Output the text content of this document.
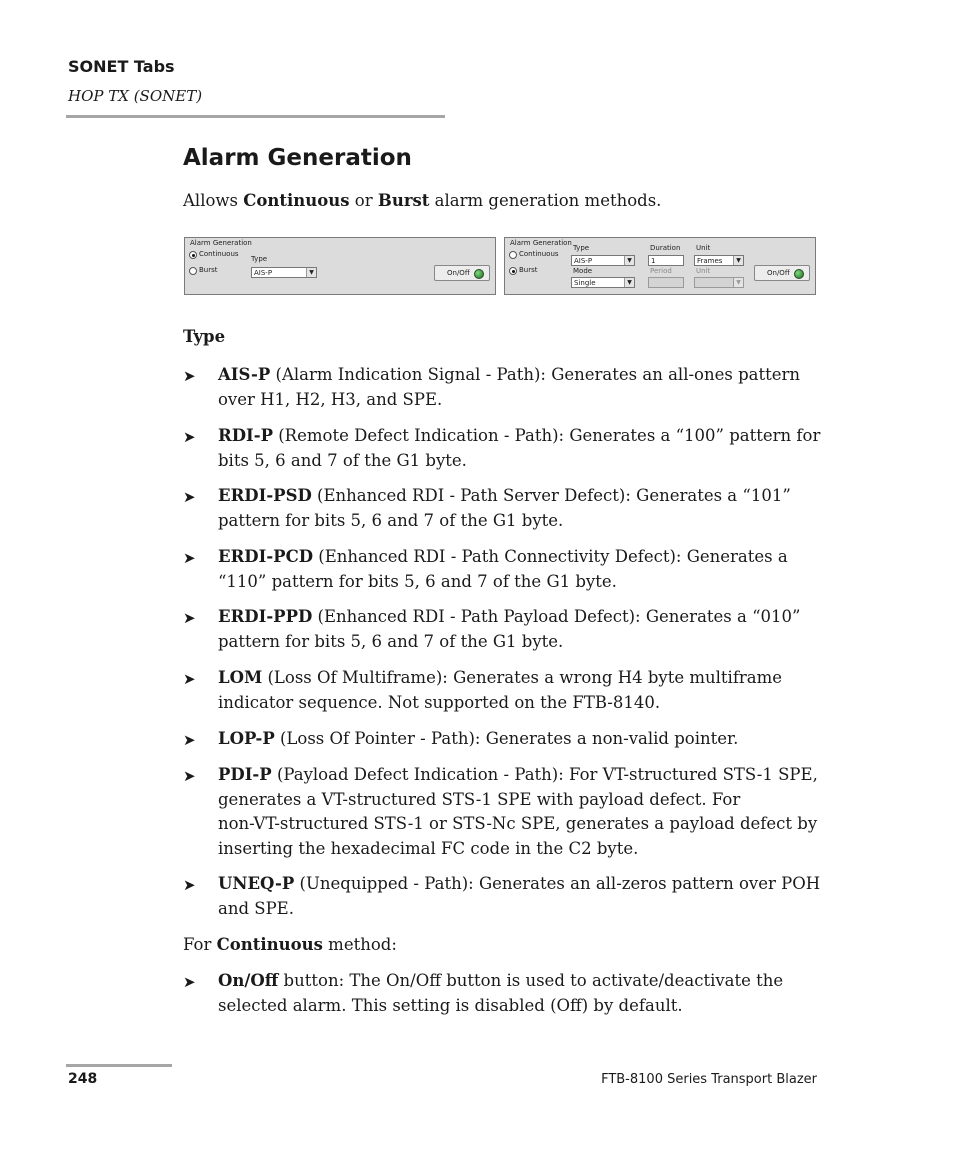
SONET Tabs
HOP TX (SONET)
Alarm Generation
Allows Continuous or Burst alarm generation methods.
Alarm Generation
Continuous
Burst
Type
AIS-P	▼	On/Off
Alarm Generation
Continuous
Burst
Type
AIS-P	▼
Mode
Single	▼
Duration
1
Period
Unit
Frames	▼
Unit
▼
On/Off
Type
➤ AIS-P (Alarm Indication Signal - Path): Generates an all-ones pattern
over H1, H2, H3, and SPE.
➤ RDI-P (Remote Defect Indication - Path): Generates a “100” pattern for
bits 5, 6 and 7 of the G1 byte.
➤ ERDI-PSD (Enhanced RDI - Path Server Defect): Generates a “101”
pattern for bits 5, 6 and 7 of the G1 byte.
➤ ERDI-PCD (Enhanced RDI - Path Connectivity Defect): Generates a
“110” pattern for bits 5, 6 and 7 of the G1 byte.
➤ ERDI-PPD (Enhanced RDI - Path Payload Defect): Generates a “010”
pattern for bits 5, 6 and 7 of the G1 byte.
➤ LOM (Loss Of Multiframe): Generates a wrong H4 byte multiframe
indicator sequence. Not supported on the FTB-8140.
➤ LOP-P (Loss Of Pointer - Path): Generates a non-valid pointer.
➤ PDI-P (Payload Defect Indication - Path): For VT-structured STS-1 SPE,
generates a VT-structured STS-1 SPE with payload defect. For
non-VT-structured STS-1 or STS-Nc SPE, generates a payload defect by
inserting the hexadecimal FC code in the C2 byte.
➤ UNEQ-P (Unequipped - Path): Generates an all-zeros pattern over POH
and SPE.
For Continuous method:
➤ On/Off button: The On/Off button is used to activate/deactivate the
selected alarm. This setting is disabled (Off) by default.
248	FTB-8100 Series Transport Blazer
